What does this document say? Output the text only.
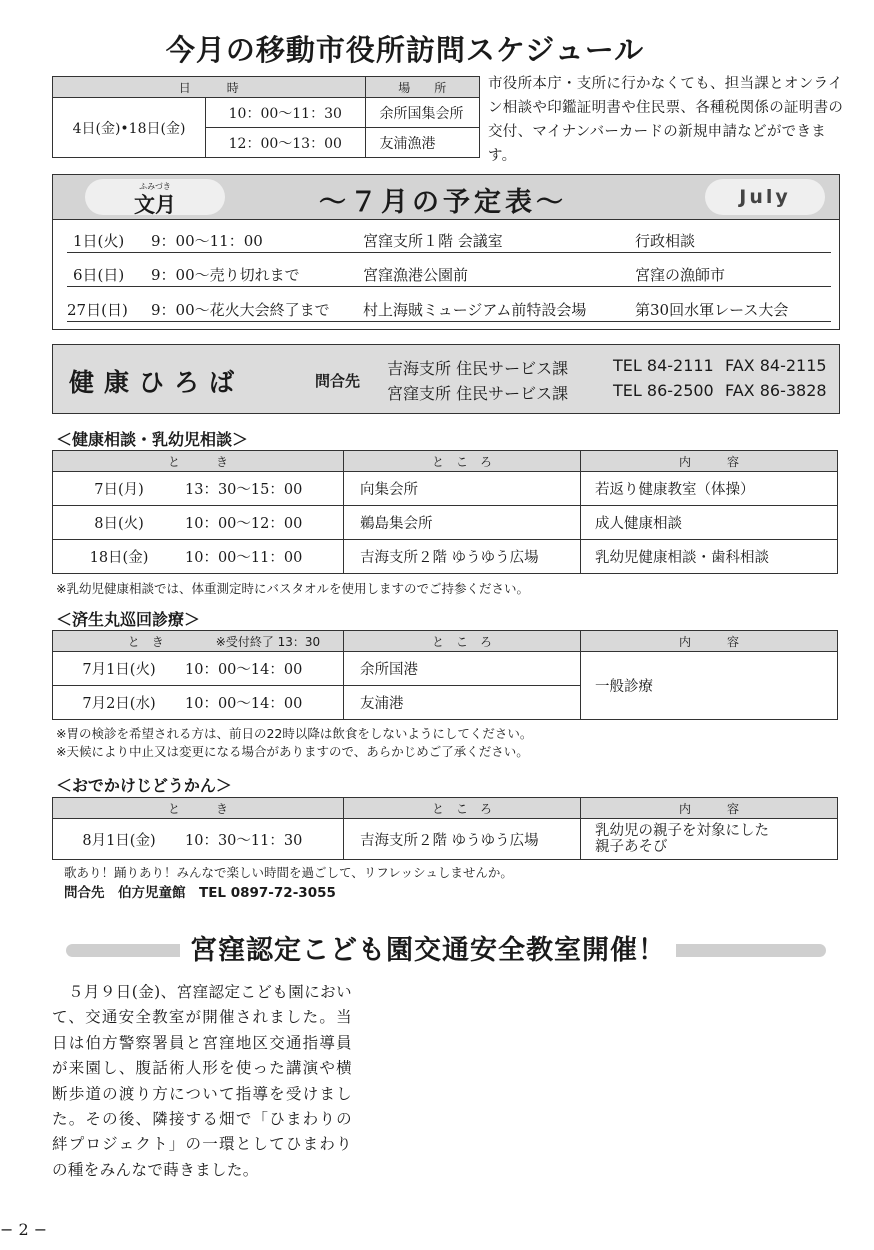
今月の移動市役所訪問スケジュール
日　　　時		場　　所
4日(金)•18日(金)	10：00〜11：30	余所国集会所
	12：00〜13：00	友浦漁港
市役所本庁・支所に行かなくても、担当課とオンライン相談や印鑑証明書や住民票、各種税関係の証明書の交付、マイナンバーカードの新規申請などができます。
ふみづき
文月	〜７月の予定表〜	July
1日(火) 9：00〜11：00	宮窪支所１階 会議室	行政相談
6日(日) 9：00〜売り切れまで	宮窪漁港公園前	宮窪の漁師市
27日(日) 9：00〜花火大会終了まで 村上海賊ミュージアム前特設会場	第30回水軍レース大会
健康ひろば	問合先
吉海支所 住民サービス課	TEL 84-2111 FAX 84-2115
宮窪支所 住民サービス課	TEL 86-2500 FAX 86-3828
＜健康相談・乳幼児相談＞
と　　　き	と　こ　ろ	内　　　容
7日(月) 13：30〜15：00	向集会所	若返り健康教室（体操）
8日(火) 10：00〜12：00	鵜島集会所	成人健康相談
18日(金) 10：00〜11：00	吉海支所２階 ゆうゆう広場	乳幼児健康相談・歯科相談
※乳幼児健康相談では、体重測定時にバスタオルを使用しますのでご持参ください。
＜済生丸巡回診療＞
と　き ※受付終了 13：30	と　こ　ろ	内　　　容
7月1日(火) 10：00〜14：00	余所国港	一般診療
7月2日(水) 10：00〜14：00	友浦港	
※胃の検診を希望される方は、前日の22時以降は飲食をしないようにしてください。
※天候により中止又は変更になる場合がありますので、あらかじめご了承ください。
＜おでかけじどうかん＞
と　　　き	と　こ　ろ	内　　　容
8月1日(金) 10：30〜11：30	吉海支所２階 ゆうゆう広場	乳幼児の親子を対象にした
親子あそび
歌あり！踊りあり！みんなで楽しい時間を過ごして、リフレッシュしませんか。
問合先　伯方児童館　TEL 0897-72-3055
宮窪認定こども園交通安全教室開催！
　５月９日(金)、宮窪認定こども園において、交通安全教室が開催されました。当日は伯方警察署員と宮窪地区交通指導員が来園し、腹話術人形を使った講演や横断歩道の渡り方について指導を受けました。その後、隣接する畑で「ひまわりの絆プロジェクト」の一環としてひまわりの種をみんなで蒔きました。
− 2 −
